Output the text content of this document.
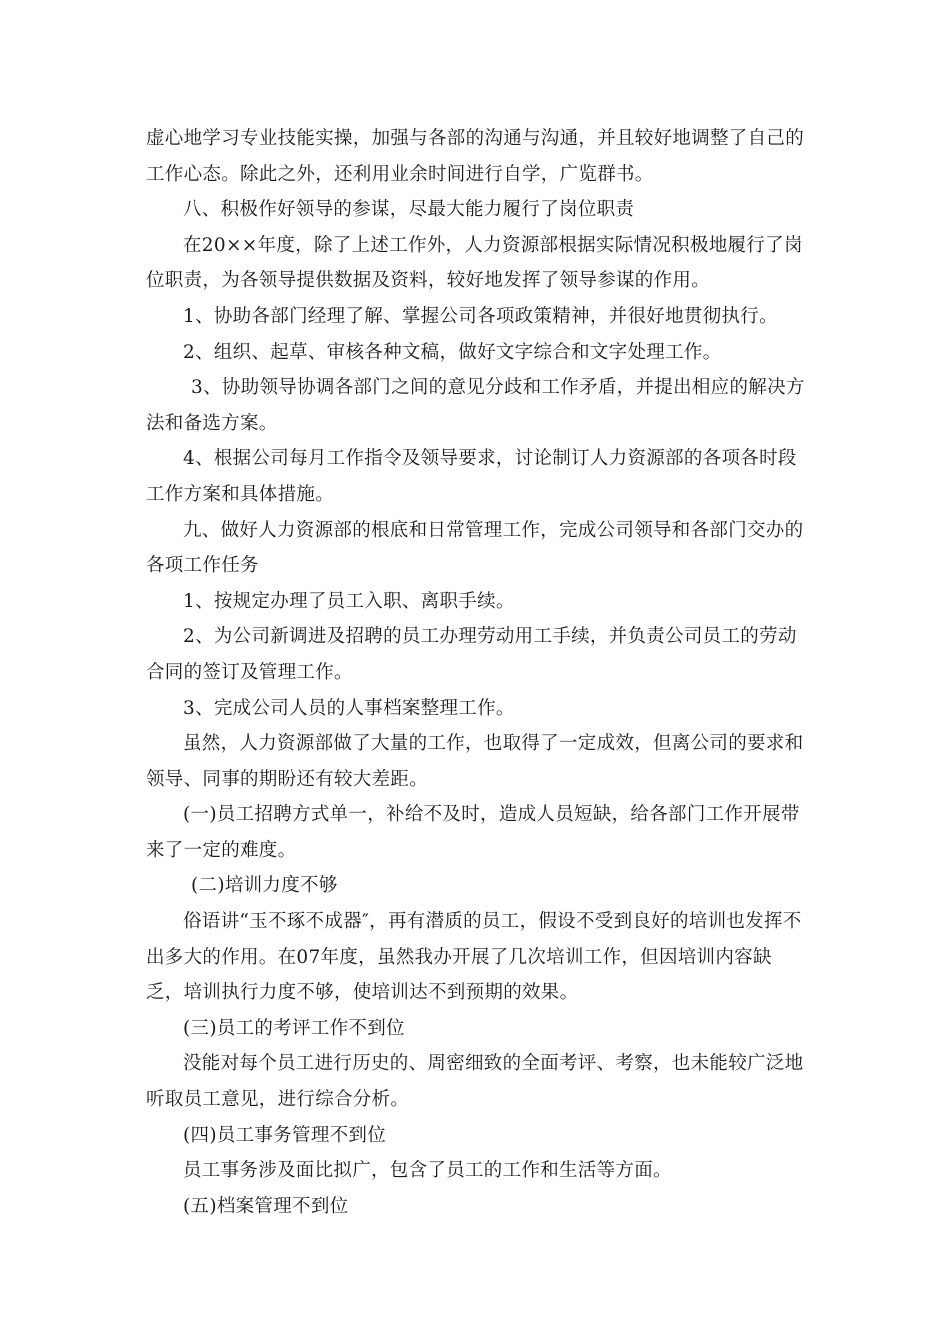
虚心地学习专业技能实操，加强与各部的沟通与沟通，并且较好地调整了自己的工作心态。除此之外，还利用业余时间进行自学，广览群书。

八、积极作好领导的参谋，尽最大能力履行了岗位职责

在20××年度，除了上述工作外，人力资源部根据实际情况积极地履行了岗位职责，为各领导提供数据及资料，较好地发挥了领导参谋的作用。

1、协助各部门经理了解、掌握公司各项政策精神，并很好地贯彻执行。

2、组织、起草、审核各种文稿，做好文字综合和文字处理工作。

3、协助领导协调各部门之间的意见分歧和工作矛盾，并提出相应的解决方法和备选方案。

4、根据公司每月工作指令及领导要求，讨论制订人力资源部的各项各时段工作方案和具体措施。

九、做好人力资源部的根底和日常管理工作，完成公司领导和各部门交办的各项工作任务

1、按规定办理了员工入职、离职手续。

2、为公司新调进及招聘的员工办理劳动用工手续，并负责公司员工的劳动合同的签订及管理工作。

3、完成公司人员的人事档案整理工作。

虽然，人力资源部做了大量的工作，也取得了一定成效，但离公司的要求和领导、同事的期盼还有较大差距。

(一)员工招聘方式单一，补给不及时，造成人员短缺，给各部门工作开展带来了一定的难度。

(二)培训力度不够

俗语讲“玉不琢不成器″，再有潜质的员工，假设不受到良好的培训也发挥不出多大的作用。在07年度，虽然我办开展了几次培训工作，但因培训内容缺乏，培训执行力度不够，使培训达不到预期的效果。

(三)员工的考评工作不到位

没能对每个员工进行历史的、周密细致的全面考评、考察，也未能较广泛地听取员工意见，进行综合分析。

(四)员工事务管理不到位

员工事务涉及面比拟广，包含了员工的工作和生活等方面。

(五)档案管理不到位
